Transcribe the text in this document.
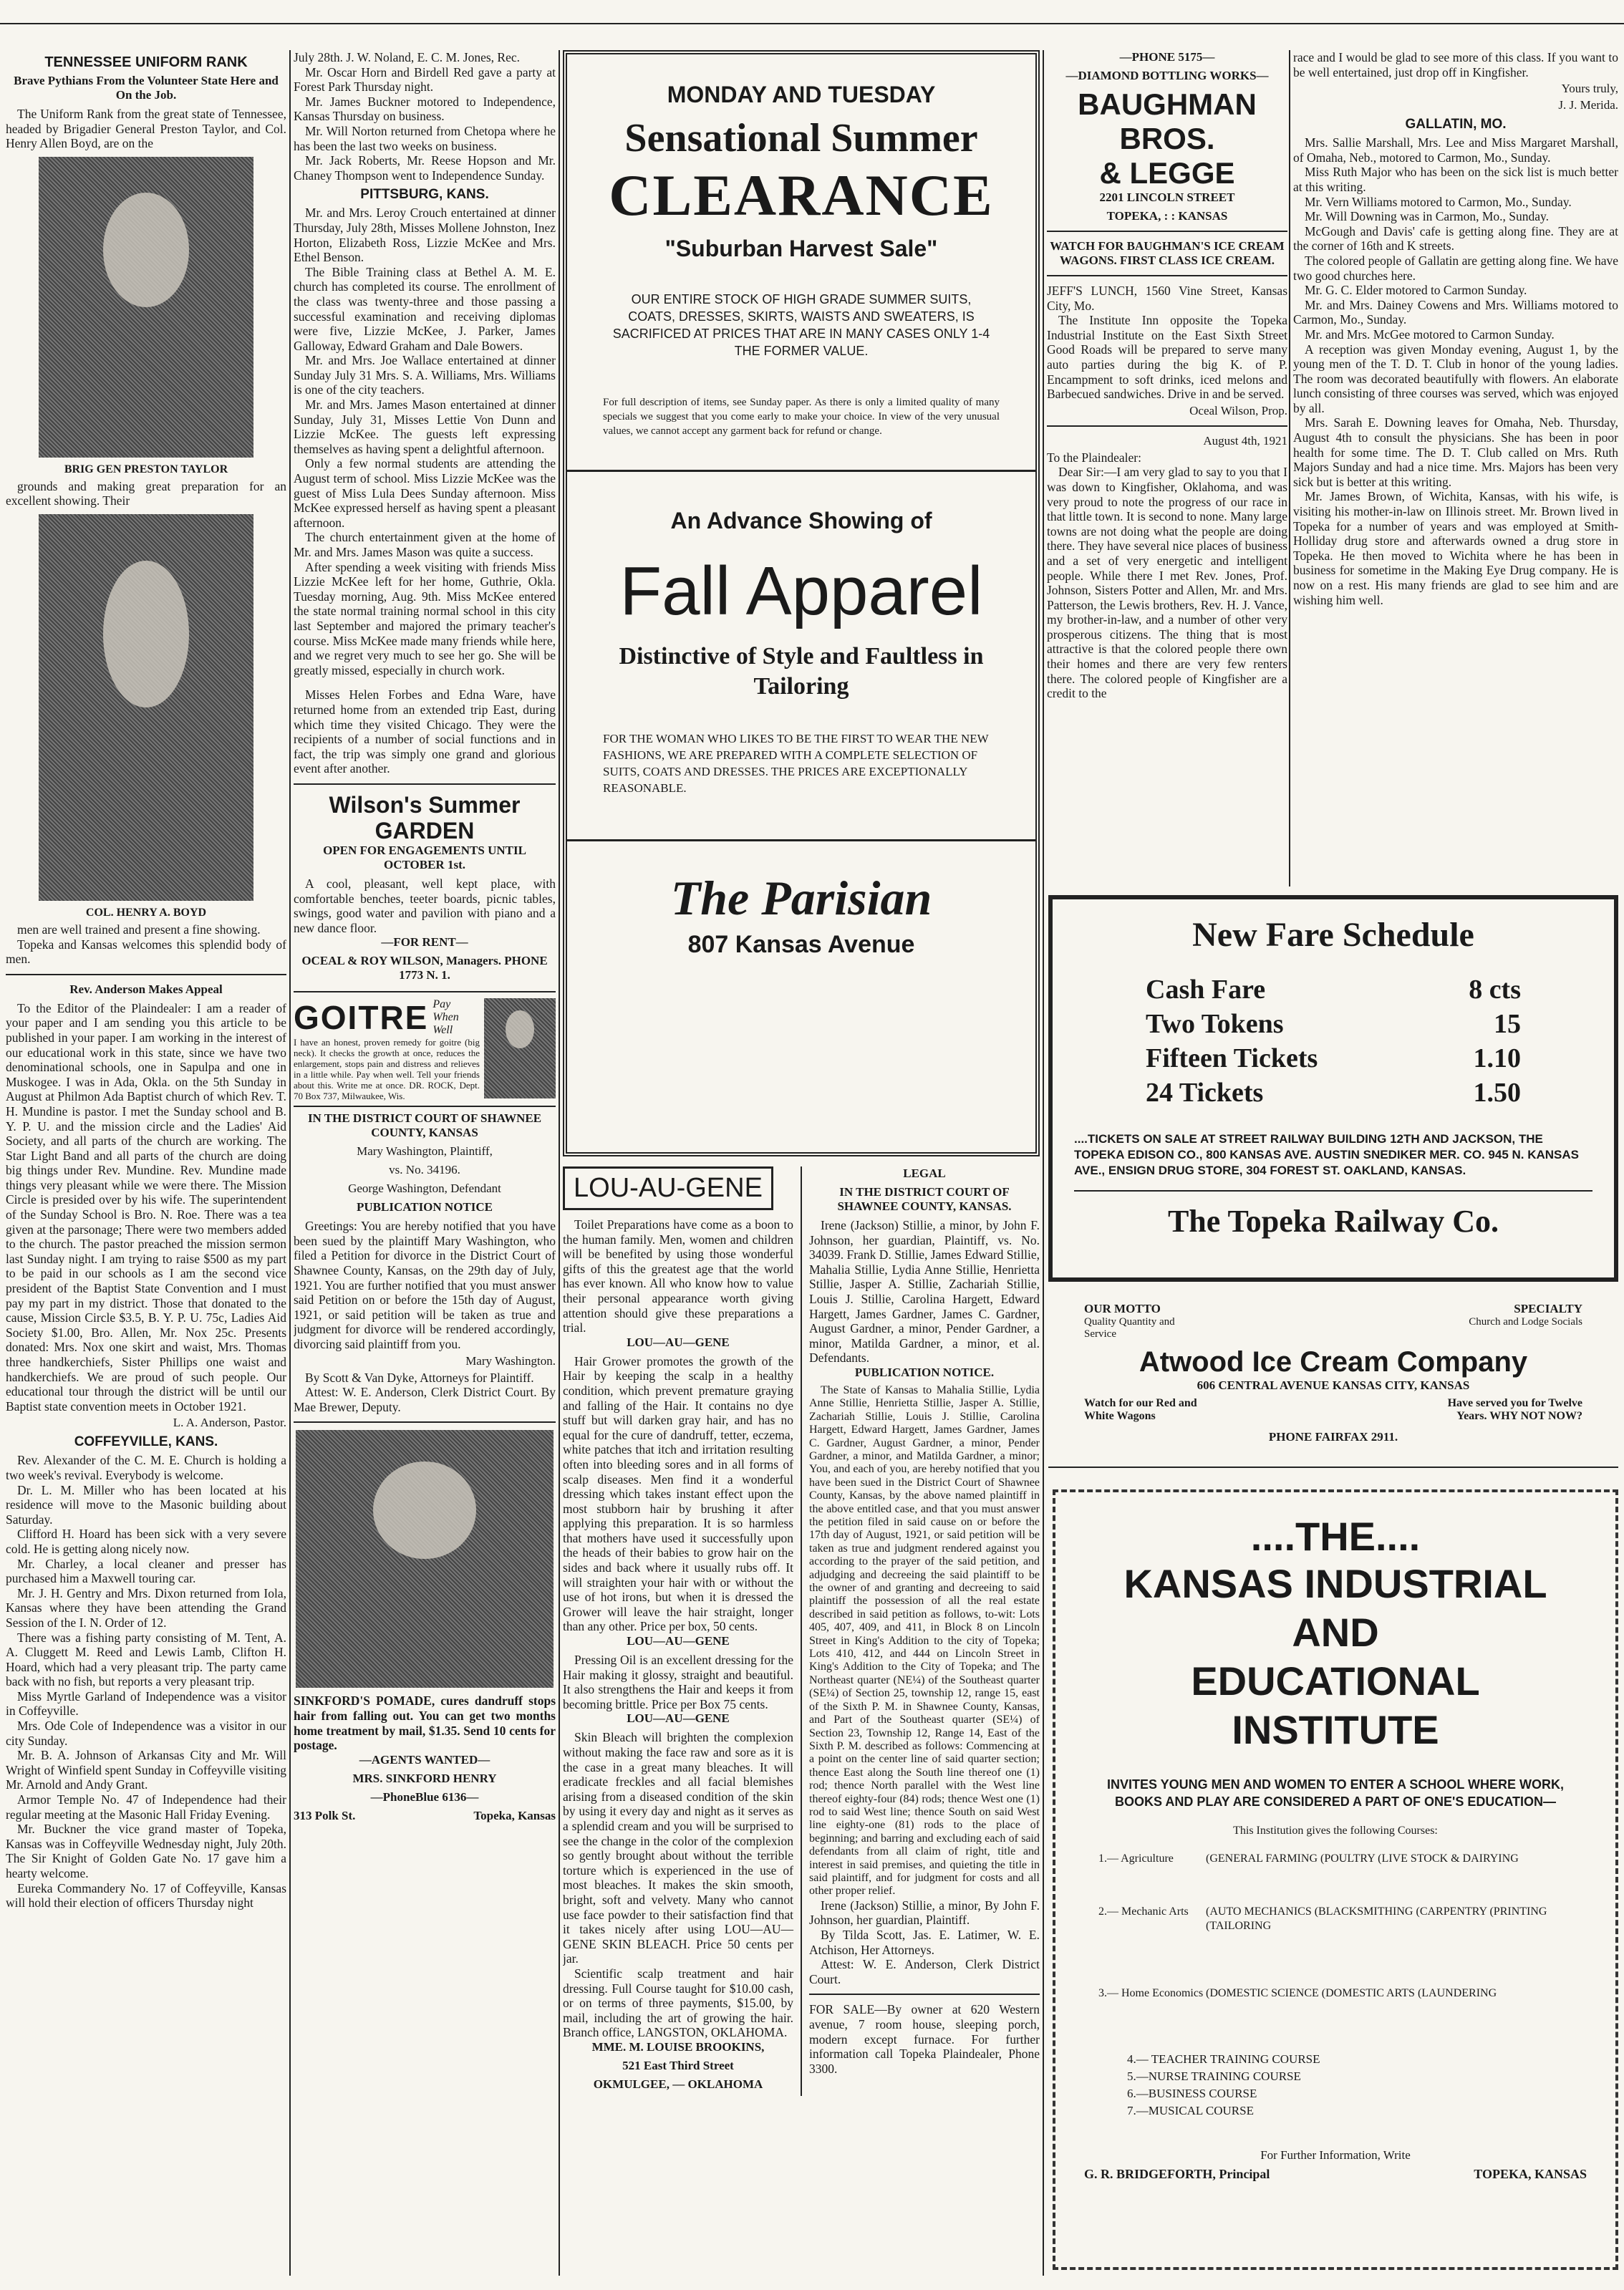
TENNESSEE UNIFORM RANK
Brave Pythians From the Volunteer State Here and On the Job.

The Uniform Rank from the great state of Tennessee, headed by Brigadier General Preston Taylor, and Col. Henry Allen Boyd, are on the

BRIG GEN PRESTON TAYLOR

grounds and making great preparation for an excellent showing. Their

COL. HENRY A. BOYD

men are well trained and present a fine showing.

Topeka and Kansas welcomes this splendid body of men.

Rev. Anderson Makes Appeal

To the Editor of the Plaindealer: I am a reader of your paper and I am sending you this article to be published in your paper. I am working in the interest of our educational work in this state, since we have two denominational schools, one in Sapulpa and one in Muskogee. I was in Ada, Okla. on the 5th Sunday in August at Philmon Ada Baptist church of which Rev. T. H. Mundine is pastor. I met the Sunday school and B. Y. P. U. and the mission circle and the Ladies' Aid Society, and all parts of the church are working. The Star Light Band and all parts of the church are doing big things under Rev. Mundine. Rev. Mundine made things very pleasant while we were there. The Mission Circle is presided over by his wife. The superintendent of the Sunday School is Bro. N. Roe. There was a tea given at the parsonage; There were two members added to the church. The pastor preached the mission sermon last Sunday night. I am trying to raise $500 as my part to be paid in our schools as I am the second vice president of the Baptist State Convention and I must pay my part in my district. Those that donated to the cause, Mission Circle $3.5, B. Y. P. U. 75c, Ladies Aid Society $1.00, Bro. Allen, Mr. Nox 25c. Presents donated: Mrs. Nox one skirt and waist, Mrs. Thomas three handkerchiefs, Sister Phillips one waist and handkerchiefs. We are proud of such people. Our educational tour through the district will be until our Baptist state convention meets in October 1921.

L. A. Anderson, Pastor.
COFFEYVILLE, KANS.

Rev. Alexander of the C. M. E. Church is holding a two week's revival. Everybody is welcome.

Dr. L. M. Miller who has been located at his residence will move to the Masonic building about Saturday.

Clifford H. Hoard has been sick with a very severe cold. He is getting along nicely now.

Mr. Charley, a local cleaner and presser has purchased him a Maxwell touring car.

Mr. J. H. Gentry and Mrs. Dixon returned from Iola, Kansas where they have been attending the Grand Session of the I. N. Order of 12.

There was a fishing party consisting of M. Tent, A. A. Cluggett M. Reed and Lewis Lamb, Clifton H. Hoard, which had a very pleasant trip. The party came back with no fish, but reports a very pleasant trip.

Miss Myrtle Garland of Independence was a visitor in Coffeyville.

Mrs. Ode Cole of Independence was a visitor in our city Sunday.

Mr. B. A. Johnson of Arkansas City and Mr. Will Wright of Winfield spent Sunday in Coffeyville visiting Mr. Arnold and Andy Grant.

Armor Temple No. 47 of Independence had their regular meeting at the Masonic Hall Friday Evening.

Mr. Buckner the vice grand master of Topeka, Kansas was in Coffeyville Wednesday night, July 20th. The Sir Knight of Golden Gate No. 17 gave him a hearty welcome.

Eureka Commandery No. 17 of Coffeyville, Kansas will hold their election of officers Thursday night

July 28th. J. W. Noland, E. C. M. Jones, Rec.

Mr. Oscar Horn and Birdell Red gave a party at Forest Park Thursday night.

Mr. James Buckner motored to Independence, Kansas Thursday on business.

Mr. Will Norton returned from Chetopa where he has been the last two weeks on business.

Mr. Jack Roberts, Mr. Reese Hopson and Mr. Chaney Thompson went to Independence Sunday.

PITTSBURG, KANS.

Mr. and Mrs. Leroy Crouch entertained at dinner Thursday, July 28th, Misses Mollene Johnston, Inez Horton, Elizabeth Ross, Lizzie McKee and Mrs. Ethel Benson.

The Bible Training class at Bethel A. M. E. church has completed its course. The enrollment of the class was twenty-three and those passing a successful examination and receiving diplomas were five, Lizzie McKee, J. Parker, James Galloway, Edward Graham and Dale Bowers.

Mr. and Mrs. Joe Wallace entertained at dinner Sunday July 31 Mrs. S. A. Williams, Mrs. Williams is one of the city teachers.

Mr. and Mrs. James Mason entertained at dinner Sunday, July 31, Misses Lettie Von Dunn and Lizzie McKee. The guests left expressing themselves as having spent a delightful afternoon.

Only a few normal students are attending the August term of school. Miss Lizzie McKee was the guest of Miss Lula Dees Sunday afternoon. Miss McKee expressed herself as having spent a pleasant afternoon.

The church entertainment given at the home of Mr. and Mrs. James Mason was quite a success.

After spending a week visiting with friends Miss Lizzie McKee left for her home, Guthrie, Okla. Tuesday morning, Aug. 9th. Miss McKee entered the state normal training normal school in this city last September and majored the primary teacher's course. Miss McKee made many friends while here, and we regret very much to see her go. She will be greatly missed, especially in church work.

Misses Helen Forbes and Edna Ware, have returned home from an extended trip East, during which time they visited Chicago. They were the recipients of a number of social functions and in fact, the trip was simply one grand and glorious event after another.

Wilson's Summer
GARDEN
OPEN FOR ENGAGEMENTS UNTIL OCTOBER 1st.

A cool, pleasant, well kept place, with comfortable benches, teeter boards, picnic tables, swings, good water and pavilion with piano and a new dance floor.

—FOR RENT—
OCEAL & ROY WILSON, Managers. PHONE 1773 N. 1.
GOITRE Pay When Well

I have an honest, proven remedy for goitre (big neck). It checks the growth at once, reduces the enlargement, stops pain and distress and relieves in a little while. Pay when well. Tell your friends about this. Write me at once. DR. ROCK, Dept. 70 Box 737, Milwaukee, Wis.

IN THE DISTRICT COURT OF SHAWNEE COUNTY, KANSAS
Mary Washington, Plaintiff,
vs. No. 34196.
George Washington, Defendant
PUBLICATION NOTICE

Greetings: You are hereby notified that you have been sued by the plaintiff Mary Washington, who filed a Petition for divorce in the District Court of Shawnee County, Kansas, on the 29th day of July, 1921. You are further notified that you must answer said Petition on or before the 15th day of August, 1921, or said petition will be taken as true and judgment for divorce will be rendered accordingly, divorcing said plaintiff from you.

Mary Washington.

By Scott & Van Dyke, Attorneys for Plaintiff.

Attest: W. E. Anderson, Clerk District Court. By Mae Brewer, Deputy.

SINKFORD'S POMADE, cures dandruff stops hair from falling out. You can get two months home treatment by mail, $1.35. Send 10 cents for postage.

—AGENTS WANTED—
MRS. SINKFORD HENRY
—PhoneBlue 6136—
313 Polk St.	Topeka, Kansas
MONDAY AND TUESDAY
Sensational Summer
CLEARANCE
"Suburban Harvest Sale"
OUR ENTIRE STOCK OF HIGH GRADE SUMMER SUITS, COATS, DRESSES, SKIRTS, WAISTS AND SWEATERS, IS SACRIFICED AT PRICES THAT ARE IN MANY CASES ONLY 1-4 THE FORMER VALUE.
For full description of items, see Sunday paper. As there is only a limited quality of many specials we suggest that you come early to make your choice. In view of the very unusual values, we cannot accept any garment back for refund or change.
An Advance Showing of
Fall Apparel
Distinctive of Style and Faultless in Tailoring
FOR THE WOMAN WHO LIKES TO BE THE FIRST TO WEAR THE NEW FASHIONS, WE ARE PREPARED WITH A COMPLETE SELECTION OF SUITS, COATS AND DRESSES. THE PRICES ARE EXCEPTIONALLY REASONABLE.
The Parisian
807 Kansas Avenue
LOU-AU-GENE

Toilet Preparations have come as a boon to the human family. Men, women and children will be benefited by using those wonderful gifts of this the greatest age that the world has ever known. All who know how to value their personal appearance worth giving attention should give these preparations a trial.

LOU—AU—GENE

Hair Grower promotes the growth of the Hair by keeping the scalp in a healthy condition, which prevent premature graying and falling of the Hair. It contains no dye stuff but will darken gray hair, and has no equal for the cure of dandruff, tetter, eczema, white patches that itch and irritation resulting often into bleeding sores and in all forms of scalp diseases. Men find it a wonderful dressing which takes instant effect upon the most stubborn hair by brushing it after applying this preparation. It is so harmless that mothers have used it successfully upon the heads of their babies to grow hair on the sides and back where it usually rubs off. It will straighten your hair with or without the use of hot irons, but when it is dressed the Grower will leave the hair straight, longer than any other. Price per box, 50 cents.

LOU—AU—GENE

Pressing Oil is an excellent dressing for the Hair making it glossy, straight and beautiful. It also strengthens the Hair and keeps it from becoming brittle. Price per Box 75 cents.

LOU—AU—GENE

Skin Bleach will brighten the complexion without making the face raw and sore as it is the case in a great many bleaches. It will eradicate freckles and all facial blemishes arising from a diseased condition of the skin by using it every day and night as it serves as a splendid cream and you will be surprised to see the change in the color of the complexion so gently brought about without the terrible torture which is experienced in the use of most bleaches. It makes the skin smooth, bright, soft and velvety. Many who cannot use face powder to their satisfaction find that it takes nicely after using LOU—AU—GENE SKIN BLEACH. Price 50 cents per jar.

Scientific scalp treatment and hair dressing. Full Course taught for $10.00 cash, or on terms of three payments, $15.00, by mail, including the art of growing the hair. Branch office, LANGSTON, OKLAHOMA.

MME. M. LOUISE BROOKINS,
521 East Third Street
OKMULGEE, — OKLAHOMA
LEGAL
IN THE DISTRICT COURT OF SHAWNEE COUNTY, KANSAS.

Irene (Jackson) Stillie, a minor, by John F. Johnson, her guardian, Plaintiff, vs. No. 34039. Frank D. Stillie, James Edward Stillie, Mahalia Stillie, Lydia Anne Stillie, Henrietta Stillie, Jasper A. Stillie, Zachariah Stillie, Louis J. Stillie, Carolina Hargett, Edward Hargett, James Gardner, James C. Gardner, August Gardner, a minor, Pender Gardner, a minor, Matilda Gardner, a minor, et al. Defendants.

PUBLICATION NOTICE.

The State of Kansas to Mahalia Stillie, Lydia Anne Stillie, Henrietta Stillie, Jasper A. Stillie, Zachariah Stillie, Louis J. Stillie, Carolina Hargett, Edward Hargett, James Gardner, James C. Gardner, August Gardner, a minor, Pender Gardner, a minor, and Matilda Gardner, a minor; You, and each of you, are hereby notified that you have been sued in the District Court of Shawnee County, Kansas, by the above named plaintiff in the above entitled case, and that you must answer the petition filed in said cause on or before the 17th day of August, 1921, or said petition will be taken as true and judgment rendered against you according to the prayer of the said petition, and adjudging and decreeing the said plaintiff to be the owner of and granting and decreeing to said plaintiff the possession of all the real estate described in said petition as follows, to-wit: Lots 405, 407, 409, and 411, in Block 8 on Lincoln Street in King's Addition to the city of Topeka; Lots 410, 412, and 444 on Lincoln Street in King's Addition to the City of Topeka; and The Northeast quarter (NE¼) of the Southeast quarter (SE¼) of Section 25, township 12, range 15, east of the Sixth P. M. in Shawnee County, Kansas, and Part of the Southeast quarter (SE¼) of Section 23, Township 12, Range 14, East of the Sixth P. M. described as follows: Commencing at a point on the center line of said quarter section; thence East along the South line thereof one (1) rod; thence North parallel with the West line thereof eighty-four (84) rods; thence West one (1) rod to said West line; thence South on said West line eighty-one (81) rods to the place of beginning; and barring and excluding each of said defendants from all claim of right, title and interest in said premises, and quieting the title in said plaintiff, and for judgment for costs and all other proper relief.

Irene (Jackson) Stillie, a minor, By John F. Johnson, her guardian, Plaintiff.

By Tilda Scott, Jas. E. Latimer, W. E. Atchison, Her Attorneys.

Attest: W. E. Anderson, Clerk District Court.

FOR SALE—By owner at 620 Western avenue, 7 room house, sleeping porch, modern except furnace. For further information call Topeka Plaindealer, Phone 3300.

—PHONE 5175—
—DIAMOND BOTTLING WORKS—
BAUGHMAN BROS.
& LEGGE
2201 LINCOLN STREET
TOPEKA, : : KANSAS
WATCH FOR BAUGHMAN'S ICE CREAM WAGONS. FIRST CLASS ICE CREAM.

JEFF'S LUNCH, 1560 Vine Street, Kansas City, Mo.

The Institute Inn opposite the Topeka Industrial Institute on the East Sixth Street Good Roads will be prepared to serve many auto parties during the big K. of P. Encampment to soft drinks, iced melons and Barbecued sandwiches. Drive in and be served.

Oceal Wilson, Prop.
August 4th, 1921

To the Plaindealer:

Dear Sir:—I am very glad to say to you that I was down to Kingfisher, Oklahoma, and was very proud to note the progress of our race in that little town. It is second to none. Many large towns are not doing what the people are doing there. They have several nice places of business and a set of very energetic and intelligent people. While there I met Rev. Jones, Prof. Johnson, Sisters Potter and Allen, Mr. and Mrs. Patterson, the Lewis brothers, Rev. H. J. Vance, my brother-in-law, and a number of other very prosperous citizens. The thing that is most attractive is that the colored people there own their homes and there are very few renters there. The colored people of Kingfisher are a credit to the

race and I would be glad to see more of this class. If you want to be well entertained, just drop off in Kingfisher.

Yours truly,
J. J. Merida.
GALLATIN, MO.

Mrs. Sallie Marshall, Mrs. Lee and Miss Margaret Marshall, of Omaha, Neb., motored to Carmon, Mo., Sunday.

Miss Ruth Major who has been on the sick list is much better at this writing.

Mr. Vern Williams motored to Carmon, Mo., Sunday.

Mr. Will Downing was in Carmon, Mo., Sunday.

McGough and Davis' cafe is getting along fine. They are at the corner of 16th and K streets.

The colored people of Gallatin are getting along fine. We have two good churches here.

Mr. G. C. Elder motored to Carmon Sunday.

Mr. and Mrs. Dainey Cowens and Mrs. Williams motored to Carmon, Mo., Sunday.

Mr. and Mrs. McGee motored to Carmon Sunday.

A reception was given Monday evening, August 1, by the young men of the T. D. T. Club in honor of the young ladies. The room was decorated beautifully with flowers. An elaborate lunch consisting of three courses was served, which was enjoyed by all.

Mrs. Sarah E. Downing leaves for Omaha, Neb. Thursday, August 4th to consult the physicians. She has been in poor health for some time. The D. T. Club called on Mrs. Ruth Majors Sunday and had a nice time. Mrs. Majors has been very sick but is better at this writing.

Mr. James Brown, of Wichita, Kansas, with his wife, is visiting his mother-in-law on Illinois street. Mr. Brown lived in Topeka for a number of years and was employed at Smith-Holliday drug store and afterwards owned a drug store in Topeka. He then moved to Wichita where he has been in business for sometime in the Making Eye Drug company. He is now on a rest. His many friends are glad to see him and are wishing him well.

New Fare Schedule
Cash Fare	8 cts
Two Tokens	15
Fifteen Tickets	1.10
24 Tickets	1.50
....TICKETS ON SALE AT STREET RAILWAY BUILDING 12TH AND JACKSON, THE TOPEKA EDISON CO., 800 KANSAS AVE. AUSTIN SNEDIKER MER. CO. 945 N. KANSAS AVE., ENSIGN DRUG STORE, 304 FOREST ST. OAKLAND, KANSAS.
The Topeka Railway Co.
OUR MOTTO
Quality Quantity and Service
SPECIALTY
Church and Lodge Socials
Atwood Ice Cream Company
606 CENTRAL AVENUE KANSAS CITY, KANSAS
Watch for our Red and White Wagons
Have served you for Twelve Years. WHY NOT NOW?
PHONE FAIRFAX 2911.
....THE....
KANSAS INDUSTRIAL AND
EDUCATIONAL INSTITUTE
INVITES YOUNG MEN AND WOMEN TO ENTER A SCHOOL WHERE WORK, BOOKS AND PLAY ARE CONSIDERED A PART OF ONE'S EDUCATION—
This Institution gives the following Courses:
1.— Agriculture	(GENERAL FARMING (POULTRY (LIVE STOCK & DAIRYING
2.— Mechanic Arts	(AUTO MECHANICS (BLACKSMITHING (CARPENTRY (PRINTING (TAILORING
3.— Home Economics (DOMESTIC SCIENCE (DOMESTIC ARTS (LAUNDERING
4.— TEACHER TRAINING COURSE
5.—NURSE TRAINING COURSE
6.—BUSINESS COURSE
7.—MUSICAL COURSE
For Further Information, Write
G. R. BRIDGEFORTH, Principal	TOPEKA, KANSAS
